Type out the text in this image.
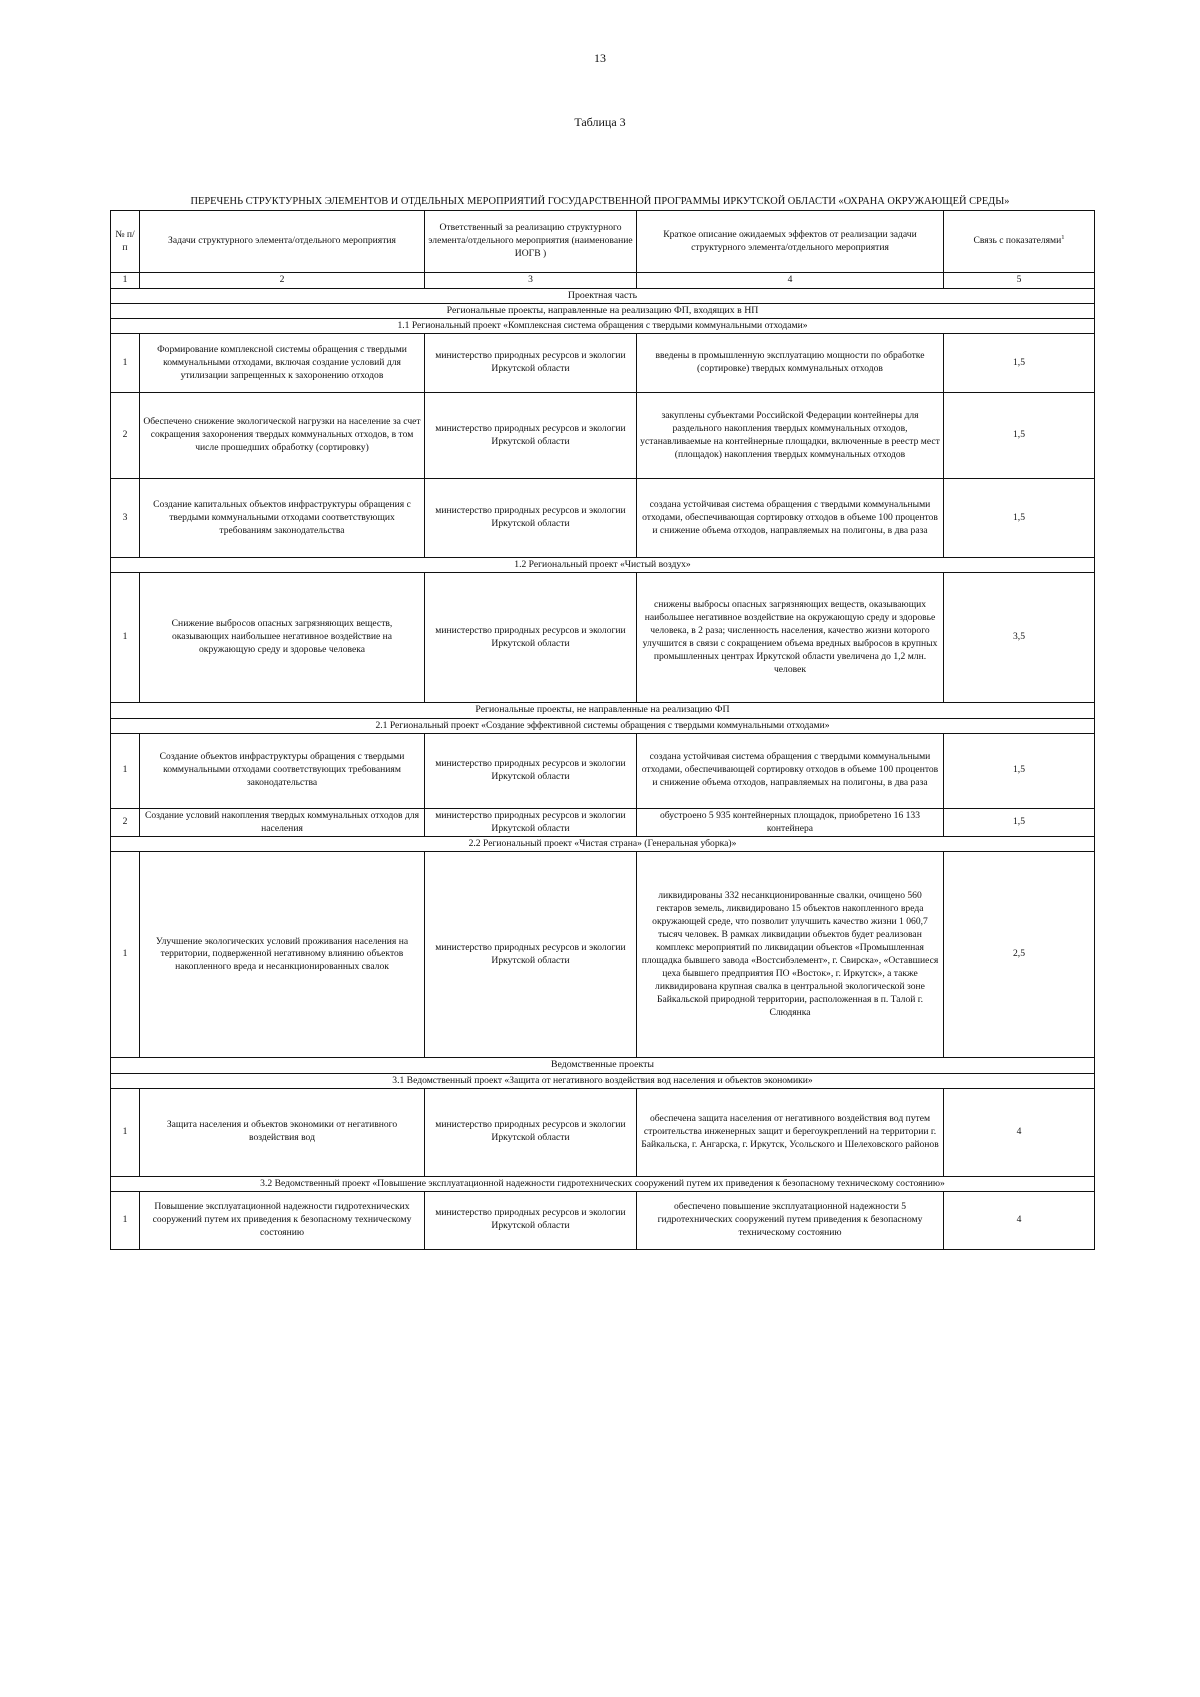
13
Таблица 3
ПЕРЕЧЕНЬ СТРУКТУРНЫХ ЭЛЕМЕНТОВ И ОТДЕЛЬНЫХ МЕРОПРИЯТИЙ ГОСУДАРСТВЕННОЙ ПРОГРАММЫ ИРКУТСКОЙ ОБЛАСТИ «ОХРАНА ОКРУЖАЮЩЕЙ СРЕДЫ»
№ п/п	Задачи структурного элемента/отдельного мероприятия	Ответственный за реализацию структурного элемента/отдельного мероприятия (наименование ИОГВ )	Краткое описание ожидаемых эффектов от реализации задачи структурного элемента/отдельного мероприятия	Связь с показателями$^1$
1	2	3	4	5
Проектная часть				
Региональные проекты, направленные на реализацию ФП, входящих в НП				
1.1 Региональный проект «Комплексная система обращения с твердыми коммунальными отходами»				
1	Формирование комплексной системы обращения с твердыми коммунальными отходами, включая создание условий для утилизации запрещенных к захоронению отходов	министерство природных ресурсов и экологии Иркутской области	введены в промышленную эксплуатацию мощности по обработке (сортировке) твердых коммунальных отходов	1,5
2	Обеспечено снижение экологической нагрузки на население за счет сокращения захоронения твердых коммунальных отходов, в том числе прошедших обработку (сортировку)	министерство природных ресурсов и экологии Иркутской области	закуплены субъектами Российской Федерации контейнеры для раздельного накопления твердых коммунальных отходов, устанавливаемые на контейнерные площадки, включенные в реестр мест (площадок) накопления твердых коммунальных отходов	1,5
3	Создание капитальных объектов инфраструктуры обращения с твердыми коммунальными отходами соответствующих требованиям законодательства	министерство природных ресурсов и экологии Иркутской области	создана устойчивая система обращения с твердыми коммунальными отходами, обеспечивающая сортировку отходов в объеме 100 процентов и снижение объема отходов, направляемых на полигоны, в два раза	1,5
1.2 Региональный проект «Чистый воздух»				
1	Снижение выбросов опасных загрязняющих веществ, оказывающих наибольшее негативное воздействие на окружающую среду и здоровье человека	министерство природных ресурсов и экологии Иркутской области	снижены выбросы опасных загрязняющих веществ, оказывающих наибольшее негативное воздействие на окружающую среду и здоровье человека, в 2 раза; численность населения, качество жизни которого улучшится в связи с сокращением объема вредных выбросов в крупных промышленных центрах Иркутской области увеличена до 1,2 млн. человек	3,5
Региональные проекты, не направленные на реализацию ФП				
2.1 Региональный проект «Создание эффективной системы обращения с твердыми коммунальными отходами»				
1	Создание объектов инфраструктуры обращения с твердыми коммунальными отходами соответствующих требованиям законодательства	министерство природных ресурсов и экологии Иркутской области	создана устойчивая система обращения с твердыми коммунальными отходами, обеспечивающей сортировку отходов в объеме 100 процентов и снижение объема отходов, направляемых на полигоны, в два раза	1,5
2	Создание условий накопления твердых коммунальных отходов для населения	министерство природных ресурсов и экологии Иркутской области	обустроено 5 935 контейнерных площадок, приобретено 16 133 контейнера	1,5
2.2 Региональный проект «Чистая страна» (Генеральная уборка)»				
1	Улучшение экологических условий проживания населения на территории, подверженной негативному влиянию объектов накопленного вреда и несанкционированных свалок	министерство природных ресурсов и экологии Иркутской области	ликвидированы 332 несанкционированные свалки, очищено 560 гектаров земель, ликвидировано 15 объектов накопленного вреда окружающей среде, что позволит улучшить качество жизни 1 060,7 тысяч человек. В рамках ликвидации объектов будет реализован комплекс мероприятий по ликвидации объектов «Промышленная площадка бывшего завода «Востсибэлемент», г. Свирска», «Оставшиеся цеха бывшего предприятия ПО «Восток», г. Иркутск», а также ликвидирована крупная свалка в центральной экологической зоне Байкальской природной территории, расположенная в п. Талой г. Слюдянка	2,5
Ведомственные проекты				
3.1 Ведомственный проект «Защита от негативного воздействия вод населения и объектов экономики»				
1	Защита населения и объектов экономики от негативного воздействия вод	министерство природных ресурсов и экологии Иркутской области	обеспечена защита населения от негативного воздействия вод путем строительства инженерных защит и берегоукреплений на территории г. Байкальска, г. Ангарска, г. Иркутск, Усольского и Шелеховского районов	4
3.2 Ведомственный проект «Повышение эксплуатационной надежности гидротехнических сооружений путем их приведения к безопасному техническому состоянию»				
1	Повышение эксплуатационной надежности гидротехнических сооружений путем их приведения к безопасному техническому состоянию	министерство природных ресурсов и экологии Иркутской области	обеспечено повышение эксплуатационной надежности 5 гидротехнических сооружений путем приведения к безопасному техническому состоянию	4
